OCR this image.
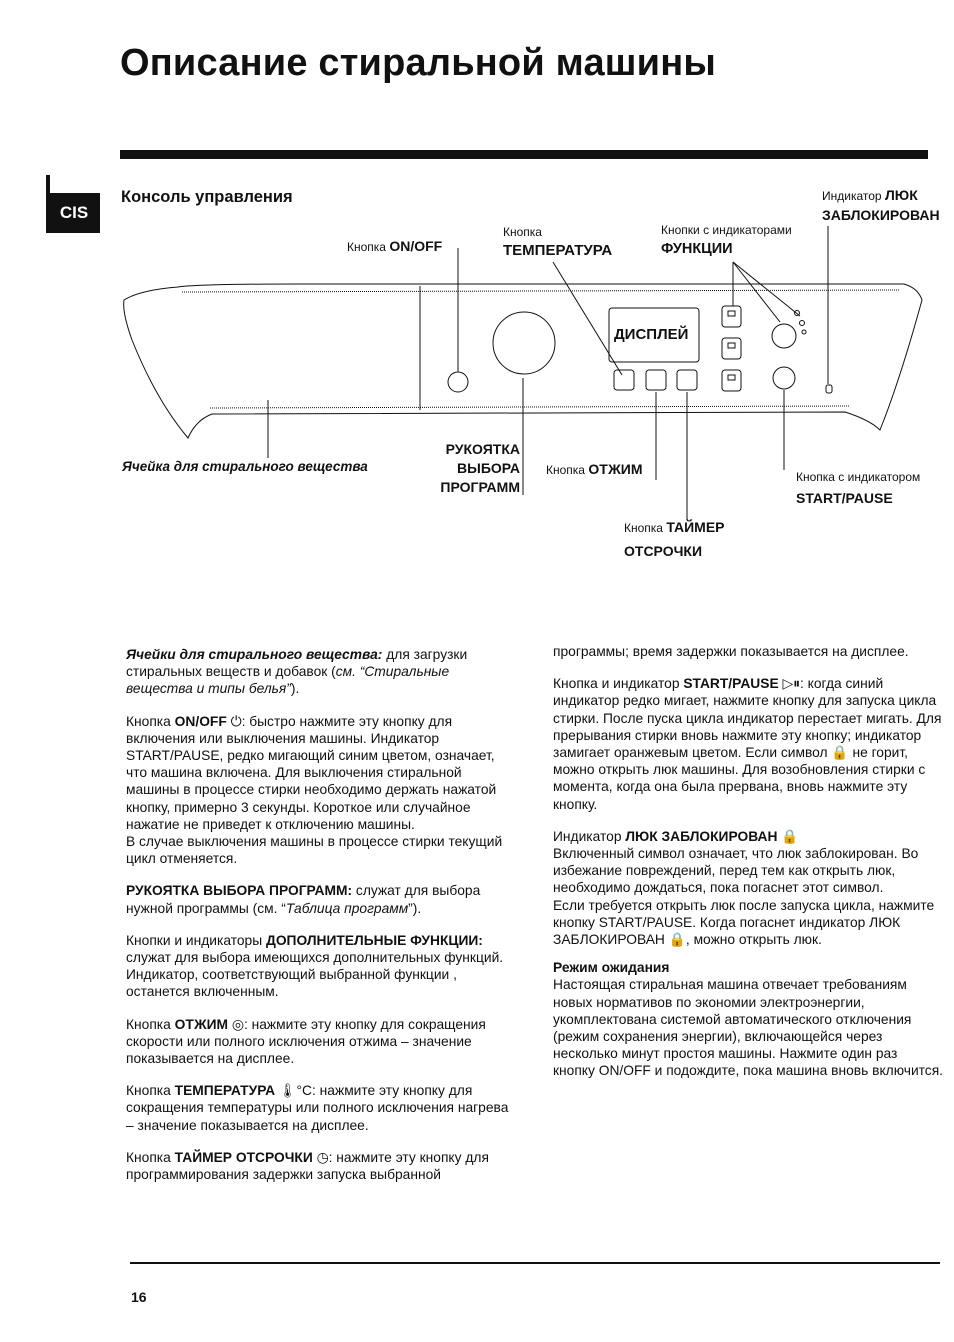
Описание стиральной машины
CIS
Консоль управления
ДИСПЛЕЙ
Кнопка ON/OFF
Кнопка
ТЕМПЕРАТУРА
Кнопки с индикаторами
ФУНКЦИИ
Индикатор ЛЮК
ЗАБЛОКИРОВАН
Ячейка для стирального вещества
РУКОЯТКА
ВЫБОРА
ПРОГРАММ
Кнопка ОТЖИМ	Кнопка с индикатором
START/PAUSE
Кнопка ТАЙМЕР
ОТСРОЧКИ

Ячейки для стирального вещества: для загрузки стиральных веществ и добавок (см. “Стиральные вещества и типы белья”).

Кнопка ON/OFF ⏻: быстро нажмите эту кнопку для включения или выключения машины. Индикатор START/PAUSE, редко мигающий синим цветом, означает, что машина включена. Для выключения стиральной машины в процессе стирки необходимо держать нажатой кнопку, примерно 3 секунды. Короткое или случайное нажатие не приведет к отключению машины.

В случае выключения машины в процессе стирки текущий цикл отменяется.

РУКОЯТКА ВЫБОРА ПРОГРАММ: служат для выбора нужной программы (см. “Таблица программ”).

Кнопки и индикаторы ДОПОЛНИТЕЛЬНЫЕ ФУНКЦИИ: служат для выбора имеющихся дополнительных функций. Индикатор, соответствующий выбранной функции , останется включенным.

Кнопка ОТЖИМ ◎: нажмите эту кнопку для сокращения скорости или полного исключения отжима – значение показывается на дисплее.

Кнопка ТЕМПЕРАТУРА 🌡°C: нажмите эту кнопку для сокращения температуры или полного исключения нагрева – значение показывается на дисплее.

Кнопка ТАЙМЕР ОТСРОЧКИ ◷: нажмите эту кнопку для программирования задержки запуска выбранной

программы; время задержки показывается на дисплее.

Кнопка и индикатор START/PAUSE ▷⏸: когда синий индикатор редко мигает, нажмите кнопку для запуска цикла стирки. После пуска цикла индикатор перестает мигать. Для прерывания стирки вновь нажмите эту кнопку; индикатор замигает оранжевым цветом. Если символ 🔒 не горит, можно открыть люк машины. Для возобновления стирки с момента, когда она была прервана, вновь нажмите эту кнопку.

Индикатор ЛЮК ЗАБЛОКИРОВАН 🔒
Включенный символ означает, что люк заблокирован. Во избежание повреждений, перед тем как открыть люк, необходимо дождаться, пока погаснет этот символ.

Если требуется открыть люк после запуска цикла, нажмите кнопку START/PAUSE. Когда погаснет индикатор ЛЮК ЗАБЛОКИРОВАН 🔒, можно открыть люк.

Режим ожидания
Настоящая стиральная машина отвечает требованиям новых нормативов по экономии электроэнергии, укомплектована системой автоматического отключения (режим сохранения энергии), включающейся через несколько минут простоя машины. Нажмите один раз кнопку ON/OFF и подождите, пока машина вновь включится.

16
